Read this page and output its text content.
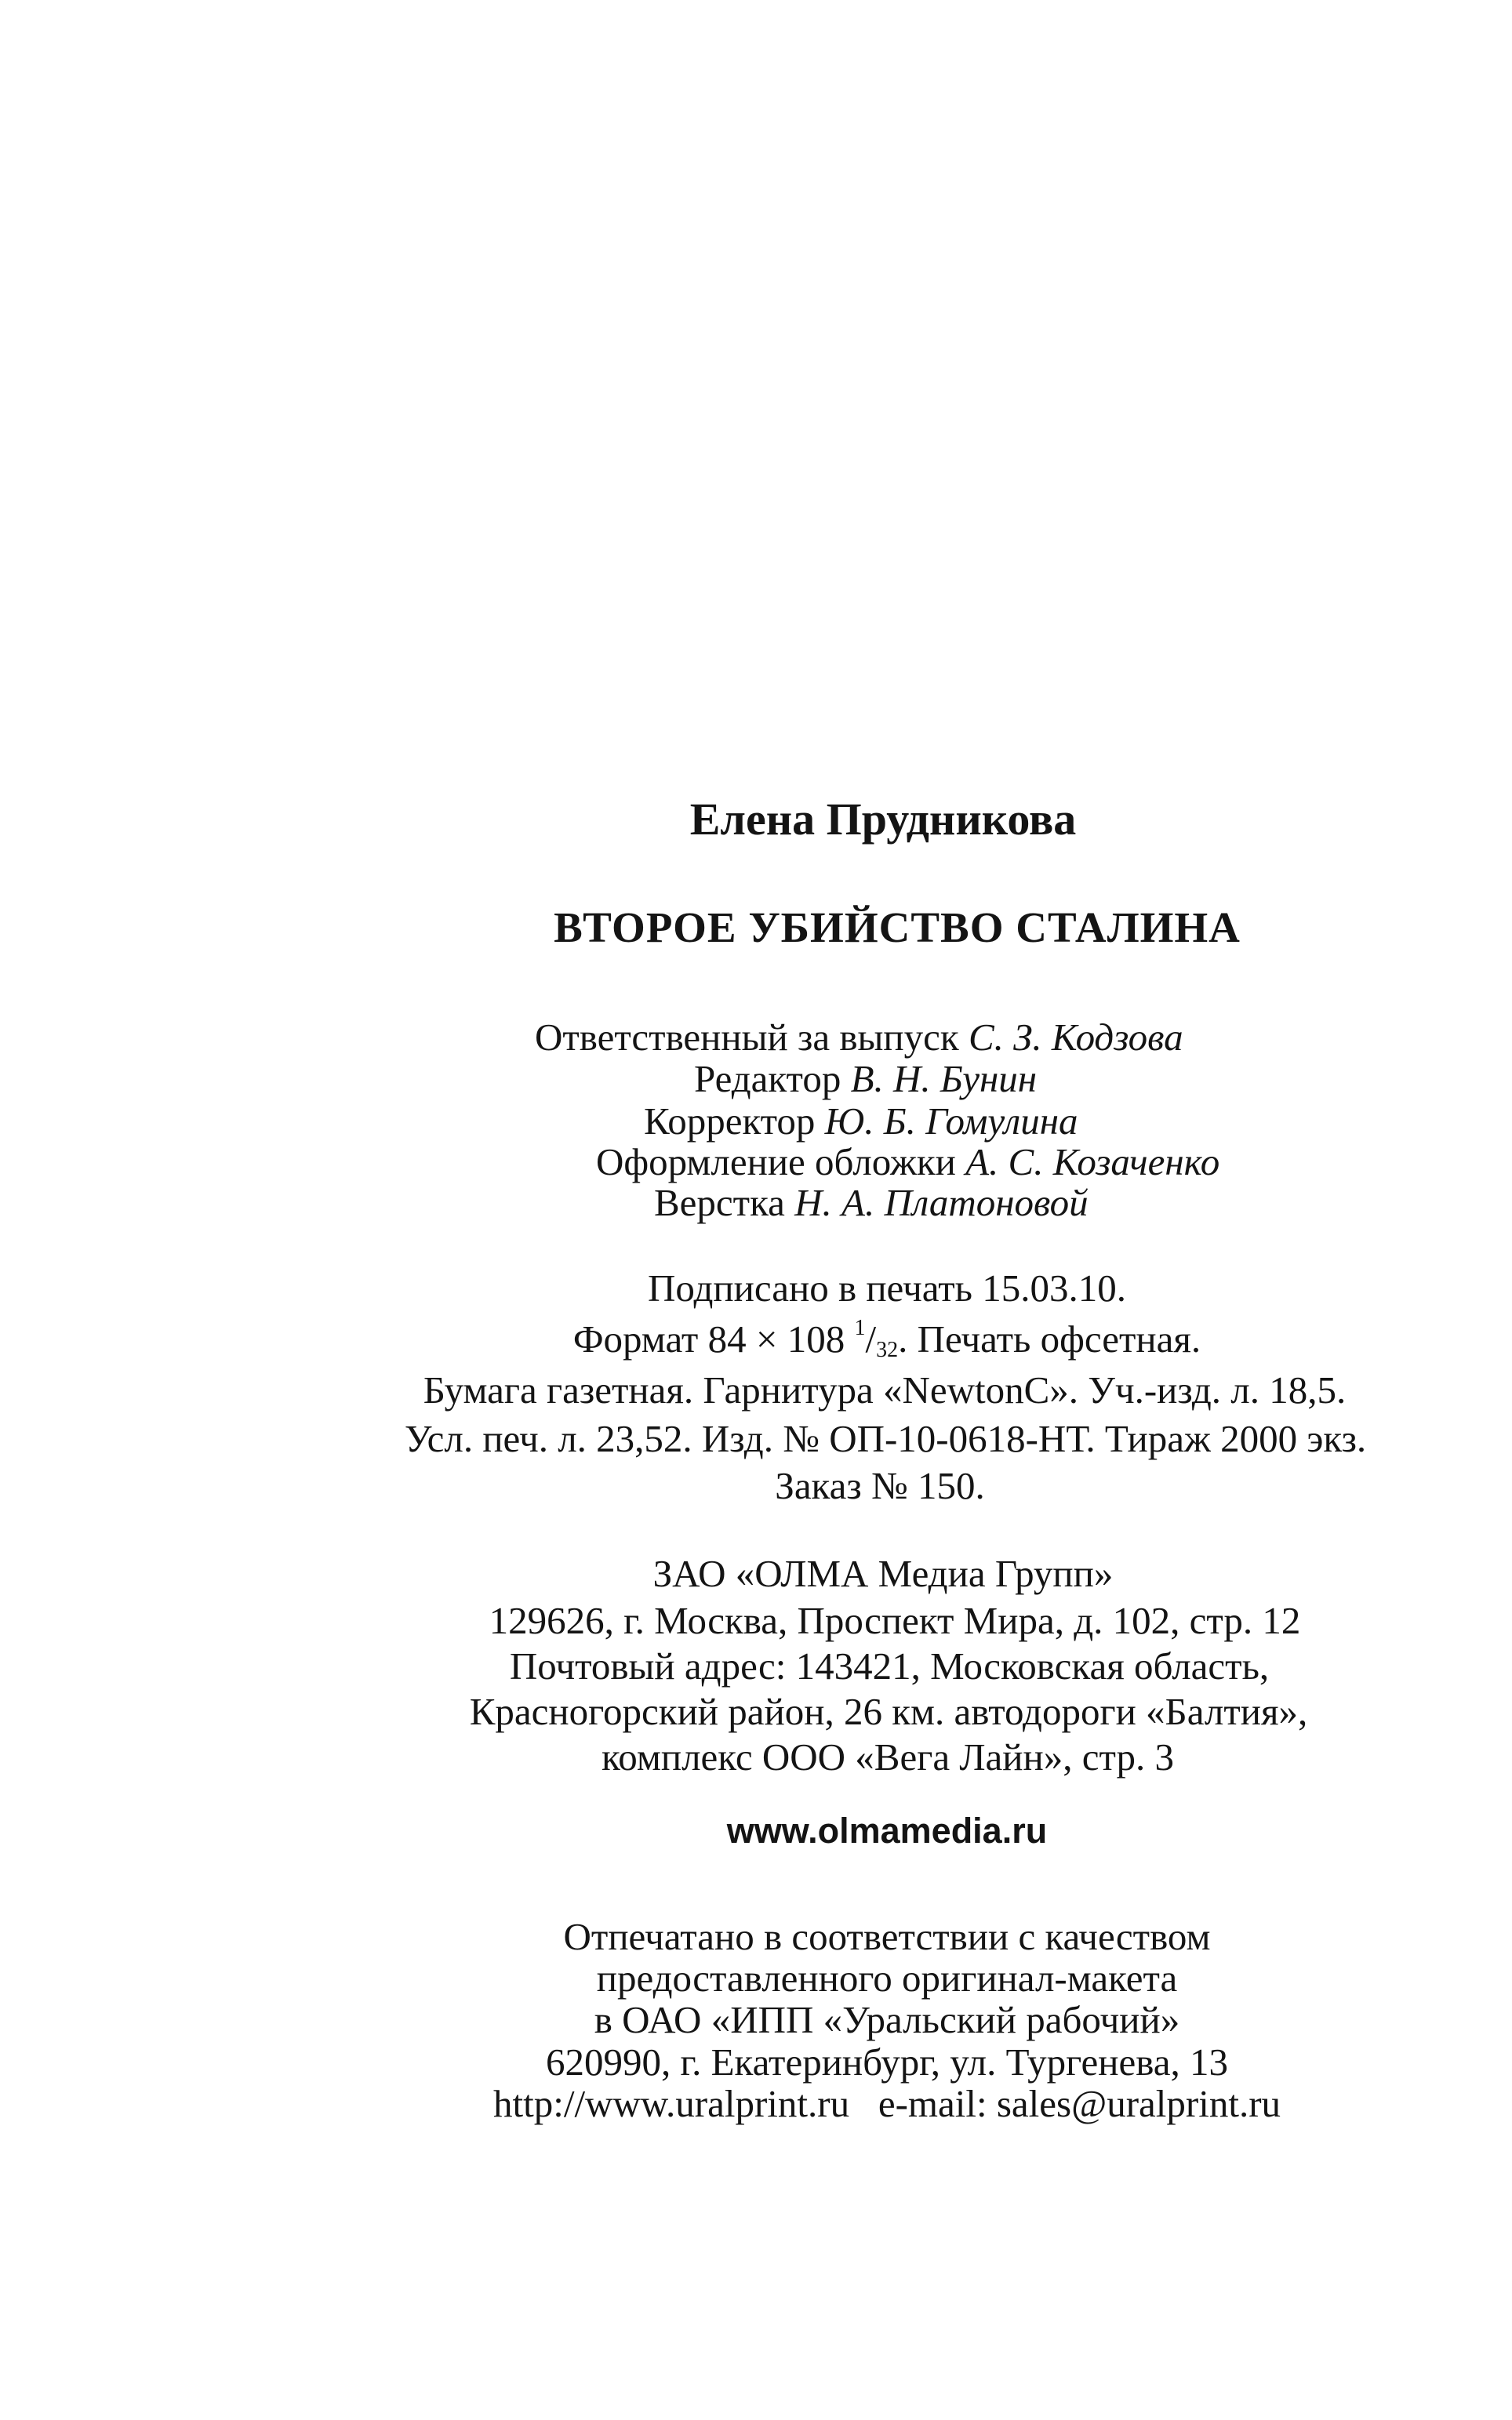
Елена Прудникова
ВТОРОЕ УБИЙСТВО СТАЛИНА
Ответственный за выпуск С. З. Кодзова
Редактор В. Н. Бунин
Корректор Ю. Б. Гомулина
Оформление обложки А. С. Козаченко
Верстка Н. А. Платоновой
Подписано в печать 15.03.10.
Формат 84 × 108 $^1/_{32}$. Печать офсетная.
Бумага газетная. Гарнитура «NewtonC». Уч.-изд. л. 18,5.
Усл. печ. л. 23,52. Изд. № ОП-10-0618-НТ. Тираж 2000 экз.
Заказ № 150.
ЗАО «ОЛМА Медиа Групп»
129626, г. Москва, Проспект Мира, д. 102, стр. 12
Почтовый адрес: 143421, Московская область,
Красногорский район, 26 км. автодороги «Балтия»,
комплекс ООО «Вега Лайн», стр. 3
www.olmamedia.ru
Отпечатано в соответствии с качеством
предоставленного оригинал-макета
в ОАО «ИПП «Уральский рабочий»
620990, г. Екатеринбург, ул. Тургенева, 13
http://www.uralprint.ru e-mail: sales@uralprint.ru
